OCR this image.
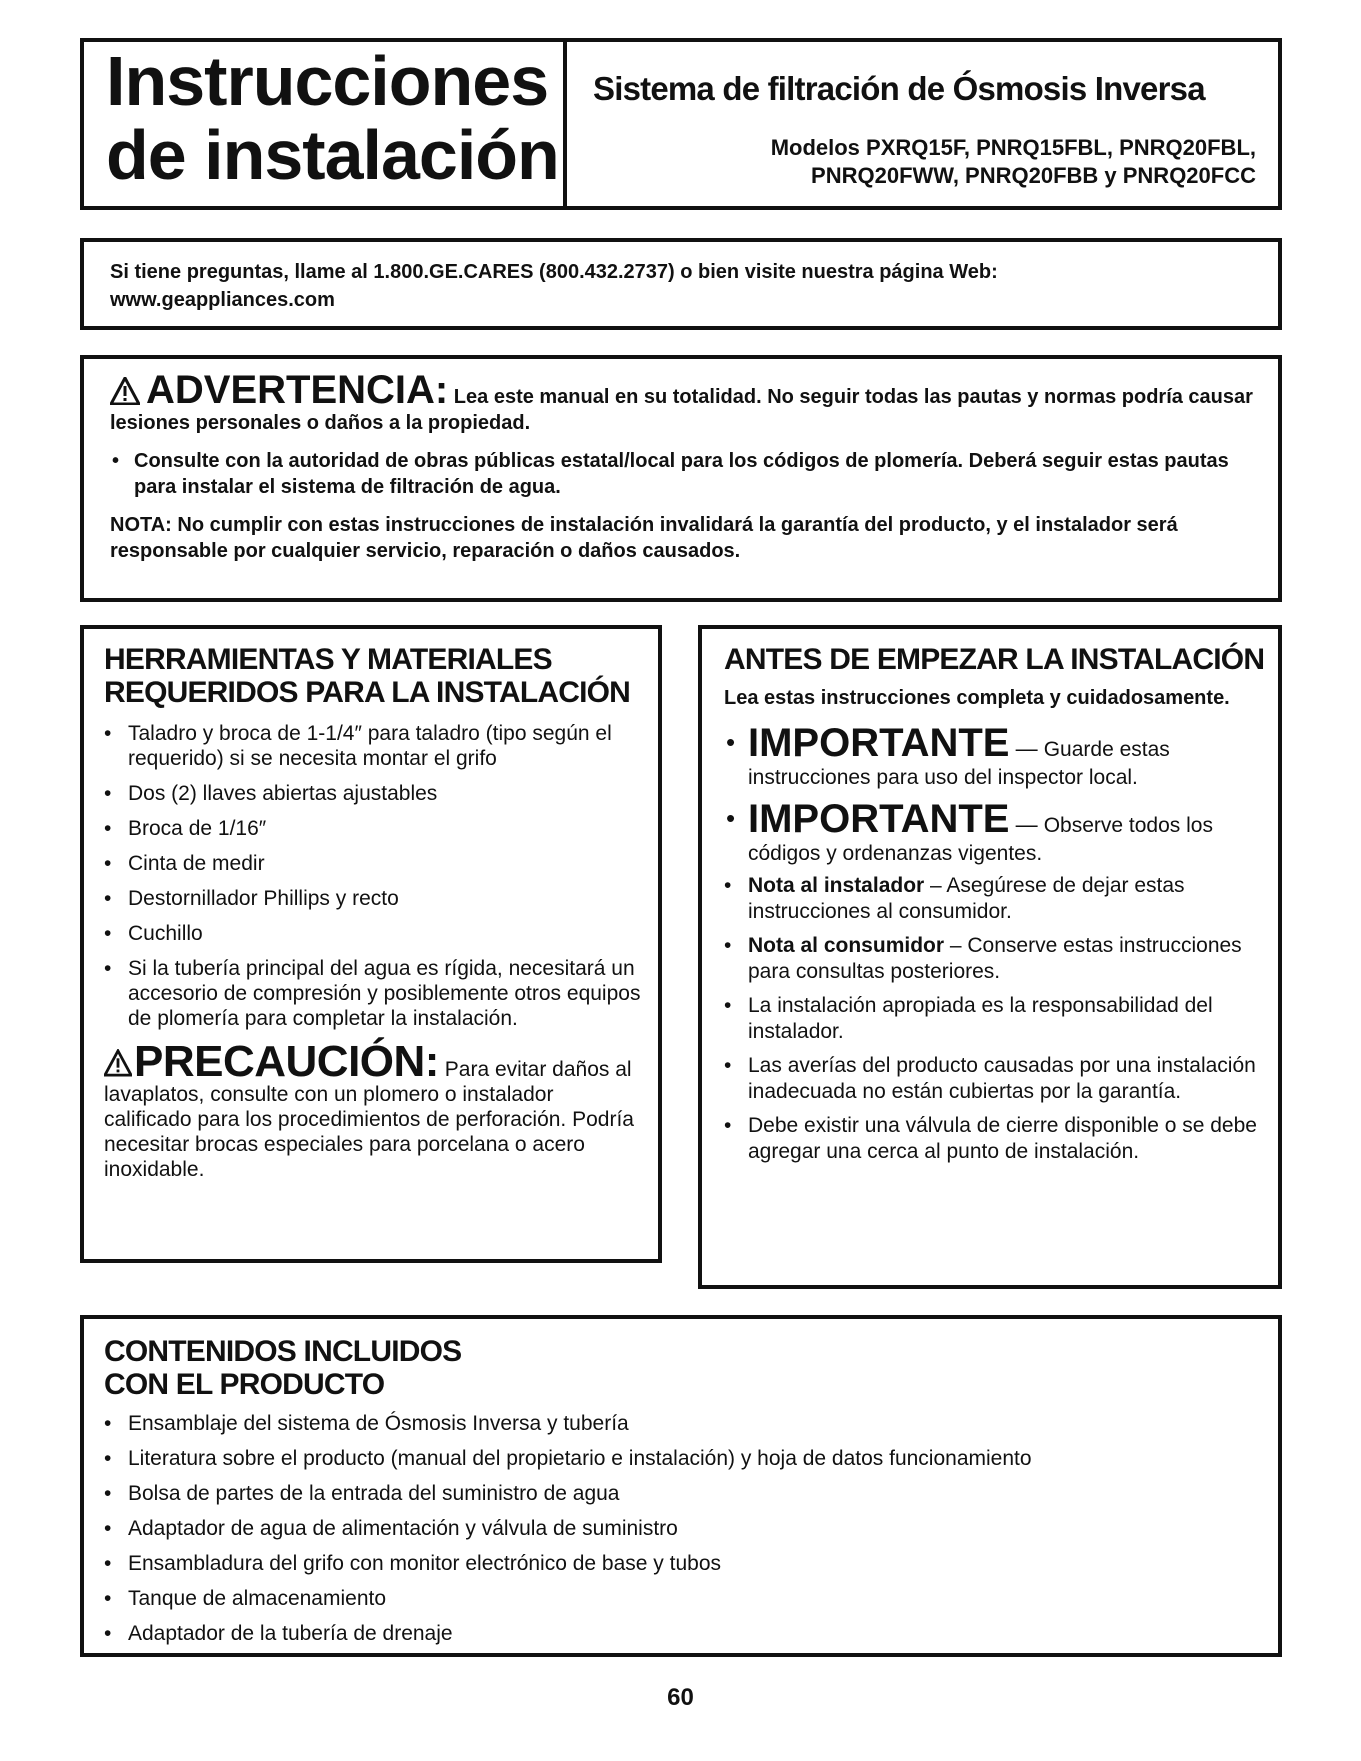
Instrucciones
de instalación
Sistema de filtración de Ósmosis Inversa
Modelos PXRQ15F, PNRQ15FBL, PNRQ20FBL,
PNRQ20FWW, PNRQ20FBB y PNRQ20FCC
Si tiene preguntas, llame al 1.800.GE.CARES (800.432.2737) o bien visite nuestra página Web:
www.geappliances.com
ADVERTENCIA: Lea este manual en su totalidad. No seguir todas las pautas y normas podría causar lesiones personales o daños a la propiedad.
• Consulte con la autoridad de obras públicas estatal/local para los códigos de plomería. Deberá seguir estas pautas para instalar el sistema de filtración de agua.
NOTA: No cumplir con estas instrucciones de instalación invalidará la garantía del producto, y el instalador será responsable por cualquier servicio, reparación o daños causados.
HERRAMIENTAS Y MATERIALES
REQUERIDOS PARA LA INSTALACIÓN
• Taladro y broca de 1-1/4″ para taladro (tipo según el requerido) si se necesita montar el grifo
• Dos (2) llaves abiertas ajustables
• Broca de 1/16″
• Cinta de medir
• Destornillador Phillips y recto
• Cuchillo
• Si la tubería principal del agua es rígida, necesitará un accesorio de compresión y posiblemente otros equipos de plomería para completar la instalación.
PRECAUCIÓN: Para evitar daños al lavaplatos, consulte con un plomero o instalador calificado para los procedimientos de perforación. Podría necesitar brocas especiales para porcelana o acero inoxidable.
ANTES DE EMPEZAR LA INSTALACIÓN
Lea estas instrucciones completa y cuidadosamente.
• IMPORTANTE — Guarde estas instrucciones para uso del inspector local.
• IMPORTANTE — Observe todos los códigos y ordenanzas vigentes.
• Nota al instalador – Asegúrese de dejar estas instrucciones al consumidor.
• Nota al consumidor – Conserve estas instrucciones para consultas posteriores.
• La instalación apropiada es la responsabilidad del instalador.
• Las averías del producto causadas por una instalación inadecuada no están cubiertas por la garantía.
• Debe existir una válvula de cierre disponible o se debe agregar una cerca al punto de instalación.
CONTENIDOS INCLUIDOS
CON EL PRODUCTO
• Ensamblaje del sistema de Ósmosis Inversa y tubería
• Literatura sobre el producto (manual del propietario e instalación) y hoja de datos funcionamiento
• Bolsa de partes de la entrada del suministro de agua
• Adaptador de agua de alimentación y válvula de suministro
• Ensambladura del grifo con monitor electrónico de base y tubos
• Tanque de almacenamiento
• Adaptador de la tubería de drenaje
60
